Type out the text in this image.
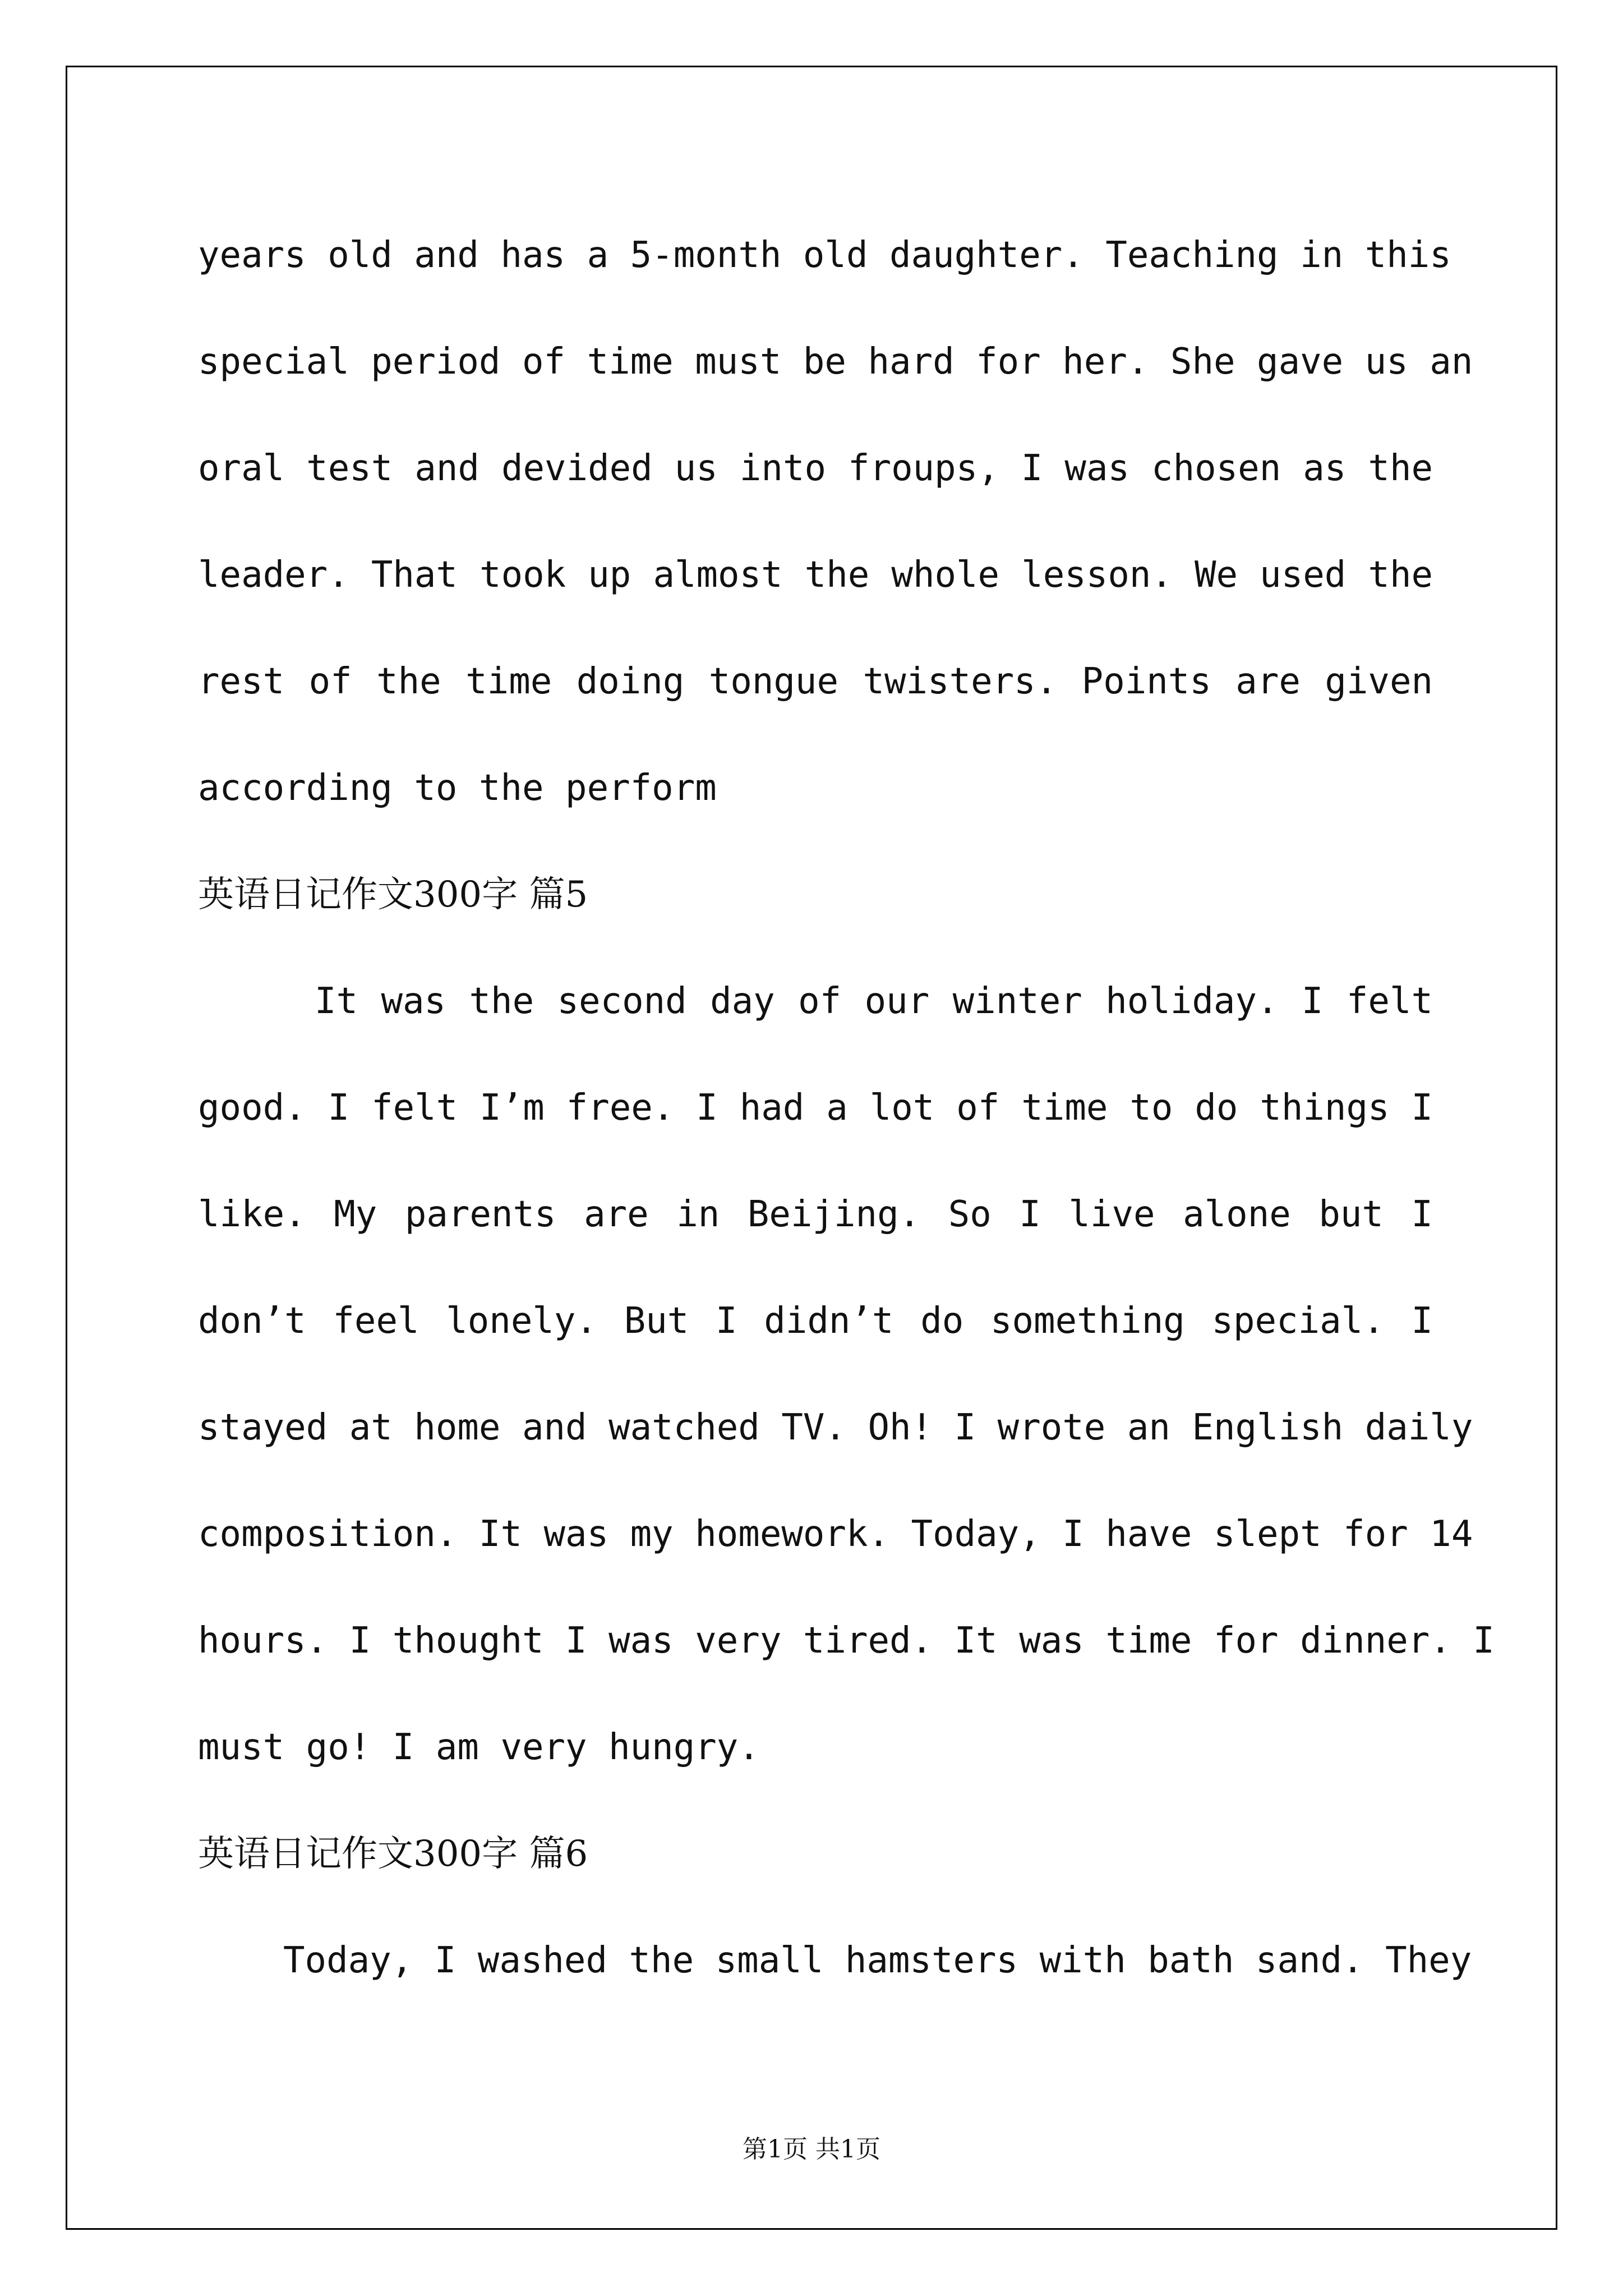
years old and has a 5-month old daughter. Teaching in this
special period of time must be hard for her. She gave us an
oral test and devided us into froups, I was chosen as the
leader. That took up almost the whole lesson. We used the
rest of the time doing tongue twisters. Points are given
according to the perform
英语日记作文300字 篇5
It was the second day of our winter holiday. I felt
good. I felt I’m free. I had a lot of time to do things I
like. My parents are in Beijing. So I live alone but I
don’t feel lonely. But I didn’t do something special. I
stayed at home and watched TV. Oh! I wrote an English daily
composition. It was my homework. Today, I have slept for 14
hours. I thought I was very tired. It was time for dinner. I
must go! I am very hungry.
英语日记作文300字 篇6
Today, I washed the small hamsters with bath sand. They
第1页 共1页
